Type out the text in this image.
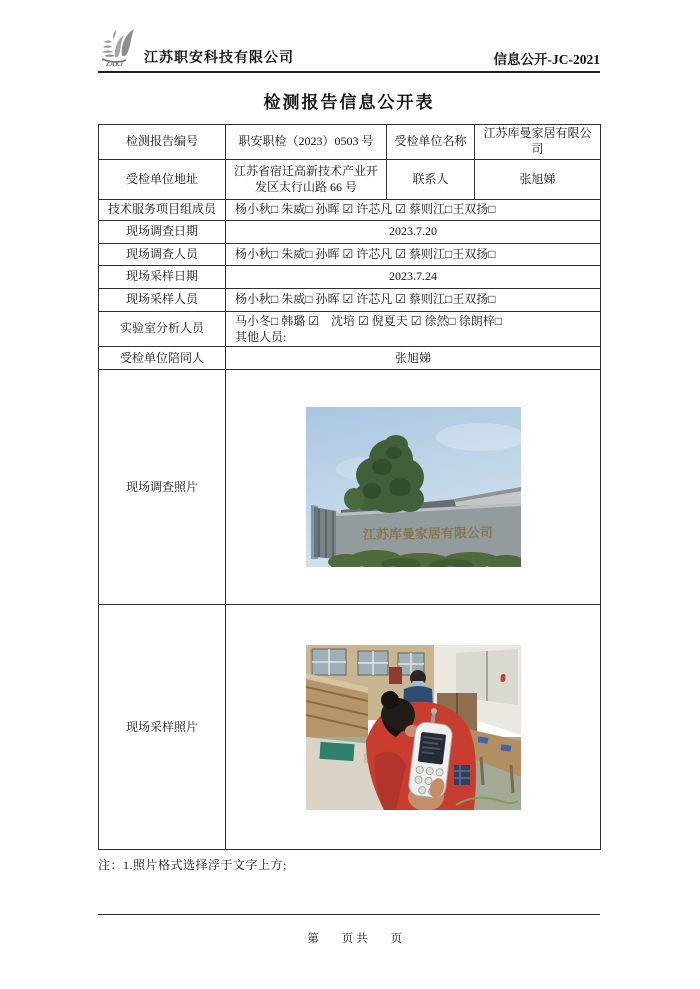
ZAKJ 江苏职安科技有限公司	信息公开-JC-2021
检测报告信息公开表
检测报告编号	职安职检（2023）0503 号	受检单位名称	江苏库曼家居有限公司
受检单位地址	江苏省宿迁高新技术产业开发区太行山路 66 号	联系人	张旭娣
技术服务项目组成员	杨小秋□ 朱威□ 孙晖 ☑ 许芯凡 ☑ 蔡则江□王双扬□		
现场调查日期	2023.7.20		
现场调查人员	杨小秋□ 朱威□ 孙晖 ☑ 许芯凡 ☑ 蔡则江□王双扬□		
现场采样日期	2023.7.24		
现场采样人员	杨小秋□ 朱威□ 孙晖 ☑ 许芯凡 ☑ 蔡则江□王双扬□		
实验室分析人员	马小冬□ 韩璐 ☑　沈培 ☑ 倪夏天 ☑ 徐然□ 徐朗梓□
其他人员:		

受检单位陪同人	张旭娣		
现场调查照片	江苏库曼家居有限公司		

现场采样照片	
注：1.照片格式选择浮于文字上方;

第　　页 共　　页
